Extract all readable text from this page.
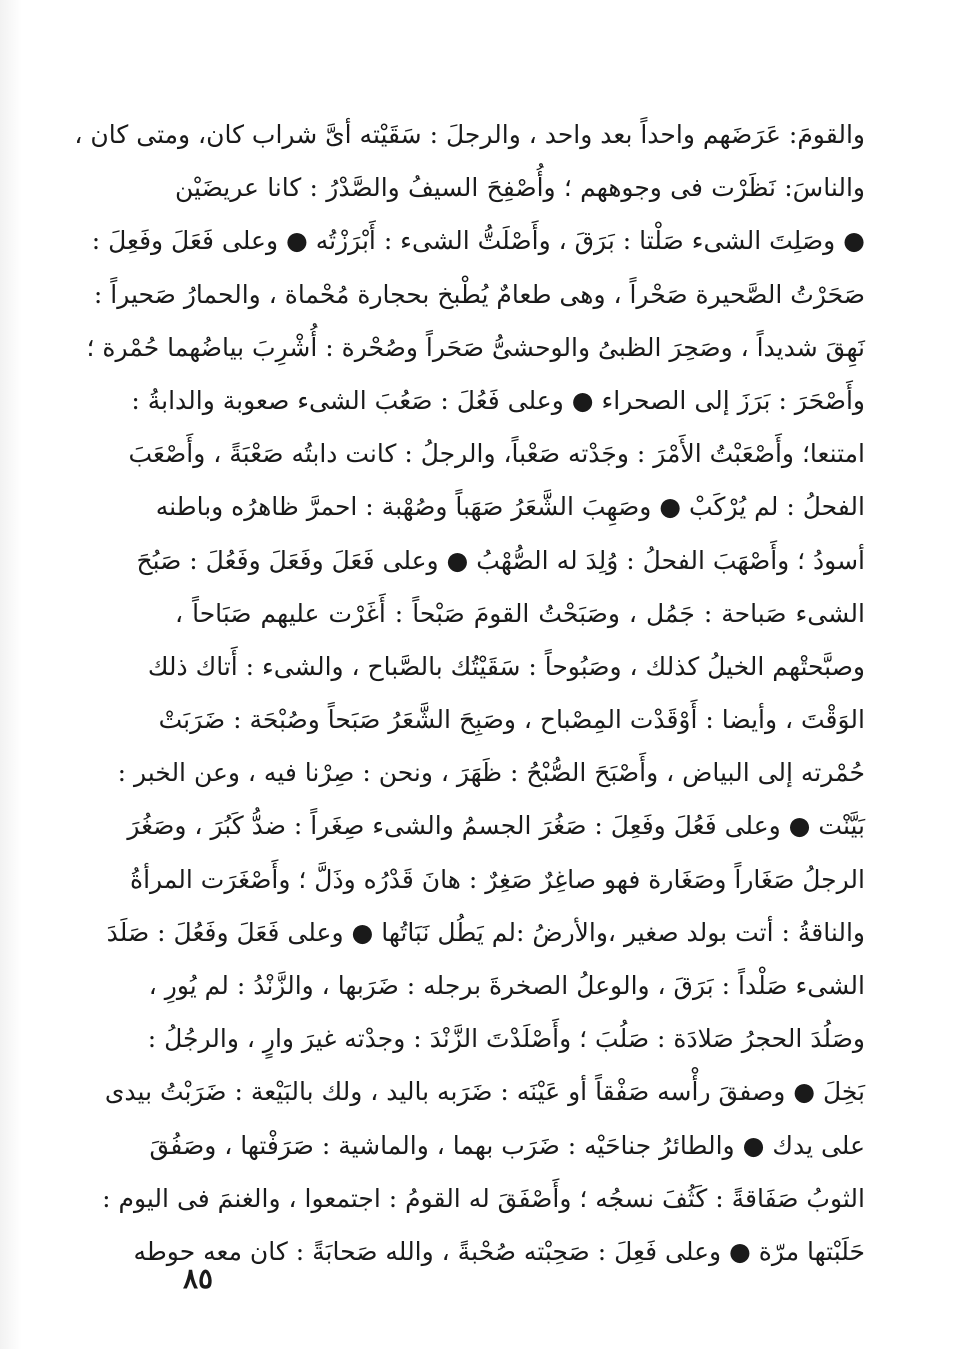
والقومَ: عَرَضَهم واحداً بعد واحد ، والرجلَ : سَقَيْته أىَّ شراب كان، ومتى كان ،
والناسَ: نَظَرْت فى وجوههم ؛ وأُصْفِحَ السيفُ والصَّدْرُ : كانا عريضَيْن
● وصَلِتَ الشىء صَلْتا : بَرَقَ ، وأَصْلَتُّ الشىء : أَبْرَزْتُه ● وعلى فَعَلَ وفَعِلَ :
صَحَرْتُ الصَّحيرة صَحْراً ، وهى طعامٌ يُطْبخ بحجارة مُحْماة ، والحمارُ صَحيراً :
نَهِقَ شديداً ، وصَحِرَ الظبىُ والوحشىُّ صَحَراً وصُحْرة : أُشْرِبَ بياضُهما حُمْرة ؛
وأَصْحَرَ : بَرَزَ إلى الصحراء ● وعلى فَعُلَ : صَعُبَ الشىء صعوبة والدابةُ :
امتنعا؛ وأَصْعَبْتُ الأَمْرَ : وجَدْته صَعْباً، والرجلُ : كانت دابتُه صَعْبَةً ، وأَصْعَبَ
الفحلُ : لم يُرْكَبْ ● وصَهِبَ الشَّعَرُ صَهَباً وصُهْبة : احمرَّ ظاهرُه وباطنه
أسودُ ؛ وأَصْهَبَ الفحلُ : وُلِدَ له الصُّهْبُ ● وعلى فَعَلَ وفَعَلَ وفَعُلَ : صَبُحَ
الشىء صَباحة : جَمُل ، وصَبَحْتُ القومَ صَبْحاً : أَغَرْت عليهم صَبَاحاً ،
وصبَّحتْهم الخيلُ كذلك ، وصَبُوحاً : سَقَيْتُك بالصَّباح ، والشىء : أَتاك ذلك
الوَقْتَ ، وأيضا : أَوْقَدْت المِصْباح ، وصَبِحَ الشَّعَرُ صَبَحاً وصُبْحَة : ضَرَبَتْ
حُمْرته إلى البياض ، وأَصْبَحَ الصُّبْحُ : ظَهَرَ ، ونحن : صِرْنا فيه ، وعن الخبر :
بَيَّنْت ● وعلى فَعُلَ وفَعِلَ : صَغُرَ الجسمُ والشىء صِغَراً : ضدُّ كَبُرَ ، وصَغُرَ
الرجلُ صَغَاراً وصَغَارة فهو صاغِرٌ صَغِرٌ : هانَ قَدْرُه وذَلَّ ؛ وأَصْغَرَت المرأةُ
والناقةُ : أتت بولد صغير ،والأرضُ :لم يَطُل نَبَاتُها ● وعلى فَعَلَ وفَعُلَ : صَلَدَ
الشىء صَلْداً : بَرَقَ ، والوعلُ الصخرةَ برجله : ضَرَبها ، والزَّنْدُ : لم يُورِ ،
وصَلُدَ الحجرُ صَلادَة : صَلُبَ ؛ وأَصْلَدْتَ الزَّنْدَ : وجدْته غيرَ وارٍ ، والرجُلُ :
بَخِلَ ● وصفقَ رأْسه صَفْقاً أو عَيْنَه : ضَرَبه باليد ، ولك بالبَيْعة : ضَرَبْتُ بيدى
على يدك ● والطائرُ جناحَيْه : ضَرَب بهما ، والماشية : صَرَفْتها ، وصَفُقَ
الثوبُ صَفَاقةً : كَثُفَ نسجُه ؛ وأَصْفَقَ له القومُ : اجتمعوا ، والغنمَ فى اليوم :
حَلَبْتها مرّة ● وعلى فَعِلَ : صَحِبْته صُحْبةً ، والله صَحابَةً : كان معه حوطه
٨٥
